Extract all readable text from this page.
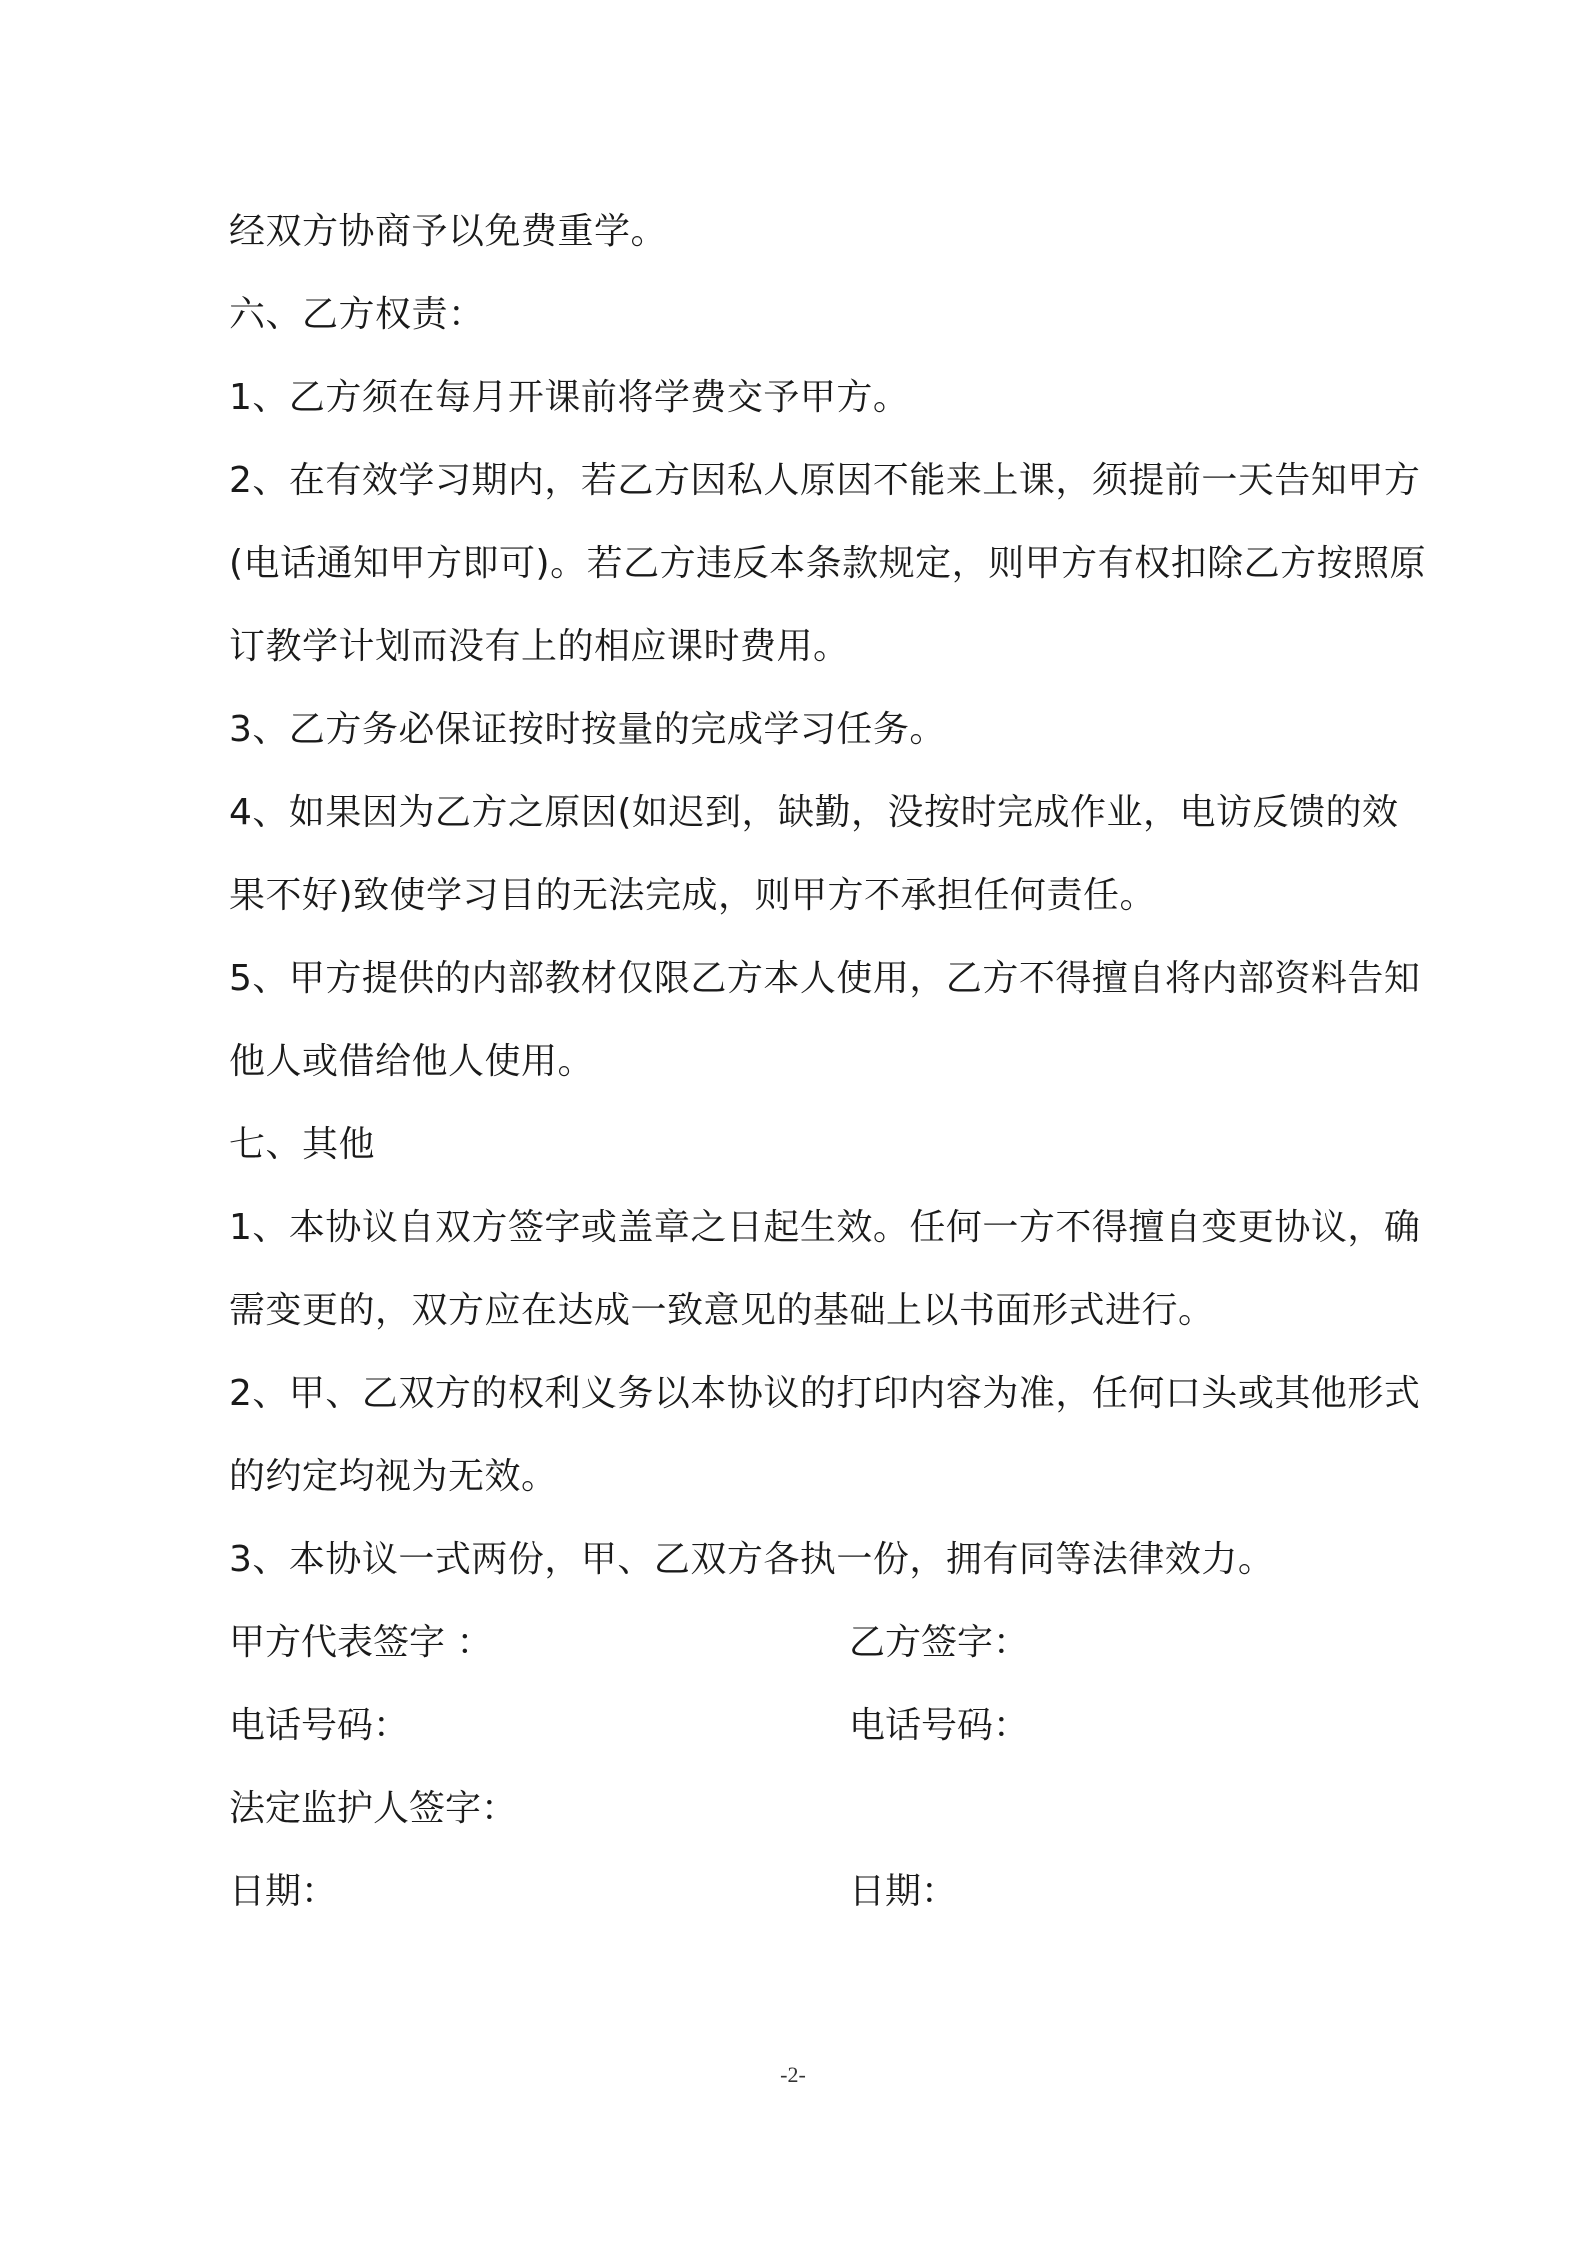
经双方协商予以免费重学。
六、乙方权责：
1、乙方须在每月开课前将学费交予甲方。
2、在有效学习期内，若乙方因私人原因不能来上课，须提前一天告知甲方
(电话通知甲方即可)。若乙方违反本条款规定，则甲方有权扣除乙方按照原
订教学计划而没有上的相应课时费用。
3、乙方务必保证按时按量的完成学习任务。
4、如果因为乙方之原因(如迟到，缺勤，没按时完成作业，电访反馈的效
果不好)致使学习目的无法完成，则甲方不承担任何责任。
5、甲方提供的内部教材仅限乙方本人使用，乙方不得擅自将内部资料告知
他人或借给他人使用。
七、其他
1、本协议自双方签字或盖章之日起生效。任何一方不得擅自变更协议，确
需变更的，双方应在达成一致意见的基础上以书面形式进行。
2、甲、乙双方的权利义务以本协议的打印内容为准，任何口头或其他形式
的约定均视为无效。
3、本协议一式两份，甲、乙双方各执一份，拥有同等法律效力。
甲方代表签字 ：	乙方签字：
电话号码：	电话号码：
法定监护人签字：
日期：	日期：
-2-
